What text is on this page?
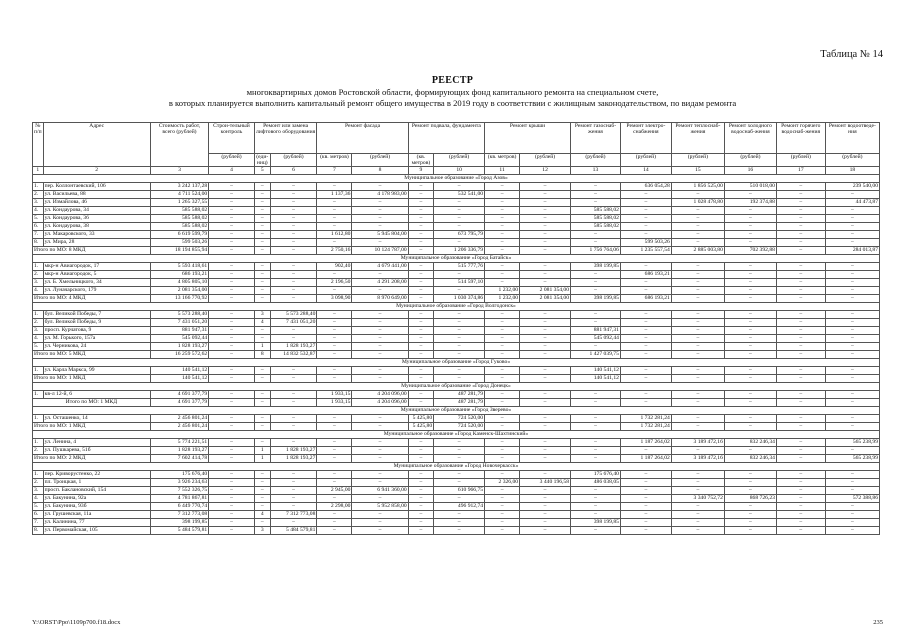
Таблица № 14
РЕЕСТР
многоквартирных домов Ростовской области, формирующих фонд капитального ремонта на специальном счете,
в которых планируется выполнить капитальный ремонт общего имущества в 2019 году в соответствии с жилищным законодательством, по видам ремонта
№ п/п	Адрес	Стоимость работ, всего (рублей)	Строи-тельный контроль	Ремонт или замена лифтового оборудования		Ремонт фасада		Ремонт подвала, фундамента		Ремонт крыши		Ремонт газоснаб-жения	Ремонт электро-снабжения	Ремонт теплоснаб-жения	Ремонт холодного водоснаб-жения	Ремонт горячего водоснаб-жения	Ремонт водоотведе-ния
			(рублей)	(еди-ниц)	(рублей)	(кв. метров)	(рублей)	(кв. метров)	(рублей)	(кв. метров)	(рублей)	(рублей)	(рублей)	(рублей)	(рублей)	(рублей)	(рублей)
1	2	3	4	5	6	7	8	9	10	11	12	13	14	15	16	17	18
Муниципальное образование «Город Азов»																	
1.	пер. Коллонтаевский, 106	3 242 137,28	–	–	–	–	–	–	–	–	–	–	636 054,28	1 856 525,00	510 018,00	–	239 540,00
2.	ул. Васильева, 88	4 711 524,00	–	–	–	1 137,36	4 178 983,00	–	532 541,00	–	–	–	–	–	–	–	–
3.	ул. Измайлова, 46	1 265 327,55	–	–	–	–	–	–	–	–	–	–	–	1 028 478,80	192 374,88	–	44 473,87
4.	ул. Кондаурова, 34	585 588,02	–	–	–	–	–	–	–	–	–	585 588,02	–	–	–	–	–
5.	ул. Кондаурова, 36	585 588,02	–	–	–	–	–	–	–	–	–	585 588,02	–	–	–	–	–
6.	ул. Кондаурова, 38	585 588,02	–	–	–	–	–	–	–	–	–	585 588,02	–	–	–	–	–
7.	ул. Макаровского, 33	6 619 599,79	–	–	–	1 612,80	5 945 804,00	–	673 795,79	–	–	–	–	–	–	–	–
8.	ул. Мира, 28	599 503,26	–	–	–	–	–	–	–	–	–	–	599 503,26	–	–	–	–
Итого по МО: 8 МКД		18 194 855,94	–	–	–	2 750,16	10 124 787,00	–	1 206 336,79	–	–	1 756 764,06	1 235 557,54	2 885 003,80	702 392,88	–	284 013,87
Муниципальное образование «Город Батайск»																	
1.	мкр-н Авиагородок, 17	5 593 418,61	–	–	–	902,40	4 679 441,00	–	515 777,76	–	–	398 199,85	–	–	–	–	–
2.	мкр-н Авиагородок, 5	686 193,21	–	–	–	–	–	–	–	–	–	–	686 193,21	–	–	–	–
3.	ул. Б. Хмельницкого, 34	4 805 805,10	–	–	–	2 196,50	4 291 208,00	–	514 597,10	–	–	–	–	–	–	–	–
4.	ул. Луначарского, 179	2 081 354,00	–	–	–	–	–	–	–	1 232,00	2 081 354,00	–	–	–	–	–	–
Итого по МО: 4 МКД		13 166 770,92	–	–	–	3 098,90	8 970 649,00	–	1 030 374,86	1 232,00	2 081 354,00	398 199,85	686 193,21	–	–	–	–
Муниципальное образование «Город Волгодонск»																	
1.	бул. Великой Победы, 7	5 573 288,40	–	3	5 573 288,40	–	–	–	–	–	–	–	–	–	–	–	–
2.	бул. Великой Победы, 9	7 431 051,20	–	4	7 431 051,20	–	–	–	–	–	–	–	–	–	–	–	–
3.	просп. Курчатова, 9	881 947,31	–	–	–	–	–	–	–	–	–	881 947,31	–	–	–	–	–
4.	ул. М. Горького, 157а	545 092,44	–	–	–	–	–	–	–	–	–	545 092,44	–	–	–	–	–
5.	ул. Черникова, 24	1 828 193,27	–	1	1 828 193,27	–	–	–	–	–	–	–	–	–	–	–	–
Итого по МО: 5 МКД		16 259 572,62	–	8	14 832 532,87	–	–	–	–	–	–	1 427 039,75	–	–	–	–	–
Муниципальное образование «Город Гуково»																	
1.	ул. Карла Маркса, 99	140 541,12	–	–	–	–	–	–	–	–	–	140 541,12	–	–	–	–	–
Итого по МО: 1 МКД		140 541,12	–	–	–	–	–	–	–	–	–	140 541,12	–	–	–	–	–
Муниципальное образование «Город Донецк»																	
1.	кв-л 12-й, 6	4 691 377,79	–	–	–	1 933,15	4 204 096,00	–	487 281,79	–	–	–	–	–	–	–	–
Итого по МО: 1 МКД		4 691 377,79	–	–	–	1 933,15	4 204 096,00	–	487 281,79	–	–	–	–	–	–	–	–
Муниципальное образование «Город Зверево»																	
1.	ул. Осташенко, 14	2 456 801,24	–	–	–	–	–	5 425,80	724 520,00	–	–	–	1 732 281,24	–	–	–	–
Итого по МО: 1 МКД		2 456 801,24	–	–	–	–	–	5 425,80	724 520,00	–	–	–	1 732 281,24	–	–	–	–
Муниципальное образование «Город Каменск-Шахтинский»																	
1.	ул. Ленина, 4	5 774 221,51	–	–	–	–	–	–	–	–	–	–	1 187 264,02	3 189 472,16	832 246,34	–	565 238,99
2.	ул. Пушкарева, 51б	1 828 193,27	–	1	1 828 193,27	–	–	–	–	–	–	–	–	–	–	–	–
Итого по МО: 2 МКД		7 602 414,78	–	1	1 828 193,27	–	–	–	–	–	–	–	1 187 264,02	3 189 472,16	832 246,34	–	565 238,99
Муниципальное образование «Город Новочеркасск»																	
1.	пер. Криворустенко, 22	175 676,40	–	–	–	–	–	–	–	–	–	175 676,40	–	–	–	–	–
2.	пл. Троицкая, 1	3 926 234,63	–	–	–	–	–	–	–	2 326,00	3 440 196,58	486 038,05	–	–	–	–	–
3.	просп. Баклановский, 154	7 552 326,75	–	–	–	2 945,00	6 941 360,00	–	610 966,75	–	–	–	–	–	–	–	–
4.	ул. Бакунина, 92а	4 781 867,81	–	–	–	–	–	–	–	–	–	–	–	3 340 752,72	868 726,23	–	572 388,86
5.	ул. Бакунина, 93б	6 449 770,74	–	–	–	2 298,00	5 952 858,00	–	496 912,74	–	–	–	–	–	–	–	–
6.	ул. Грушевская, 11а	7 312 773,08	–	4	7 312 773,08	–	–	–	–	–	–	–	–	–	–	–	–
7.	ул. Калинина, 77	398 199,85	–	–	–	–	–	–	–	–	–	398 199,85	–	–	–	–	–
8.	ул. Первомайская, 105	5 484 579,81	–	3	5 484 579,81	–	–	–	–	–	–	–	–	–	–	–	–
Y:\ORST\Ppo\1109p700.f18.docx	235
